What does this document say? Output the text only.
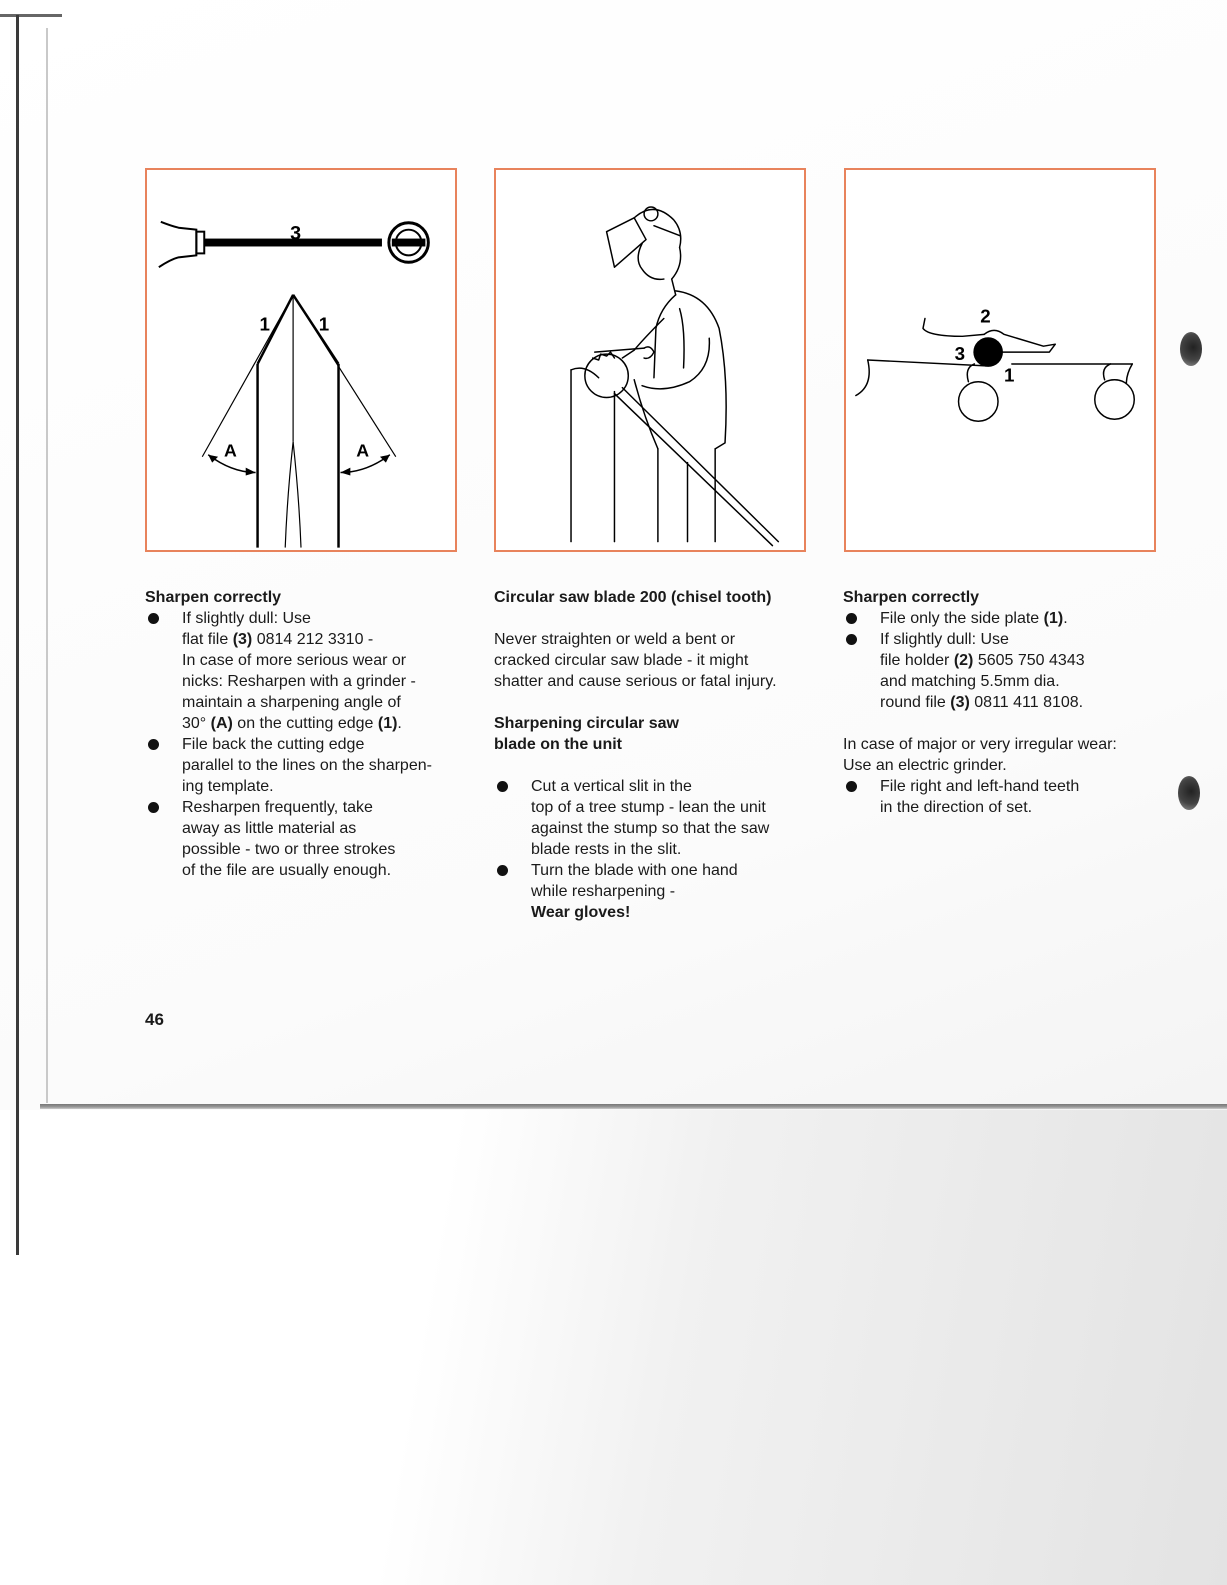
3
1	1
A	A
2
3
1

Sharpen correctly

If slightly dull: Use
flat file (3) 0814 212 3310 -
In case of more serious wear or
nicks: Resharpen with a grinder -
maintain a sharpening angle of
30° (A) on the cutting edge (1).
File back the cutting edge
parallel to the lines on the sharpen-
ing template.
Resharpen frequently, take
away as little material as
possible - two or three strokes
of the file are usually enough.

Circular saw blade 200 (chisel tooth)

Never straighten or weld a bent or
cracked circular saw blade - it might
shatter and cause serious or fatal injury.
Sharpening circular saw
blade on the unit
Cut a vertical slit in the
top of a tree stump - lean the unit
against the stump so that the saw
blade rests in the slit.
Turn the blade with one hand
while resharpening -
Wear gloves!

Sharpen correctly

File only the side plate (1).
If slightly dull: Use
file holder (2) 5605 750 4343
and matching 5.5mm dia.
round file (3) 0811 411 8108.
In case of major or very irregular wear:
Use an electric grinder.
File right and left-hand teeth
in the direction of set.
46
